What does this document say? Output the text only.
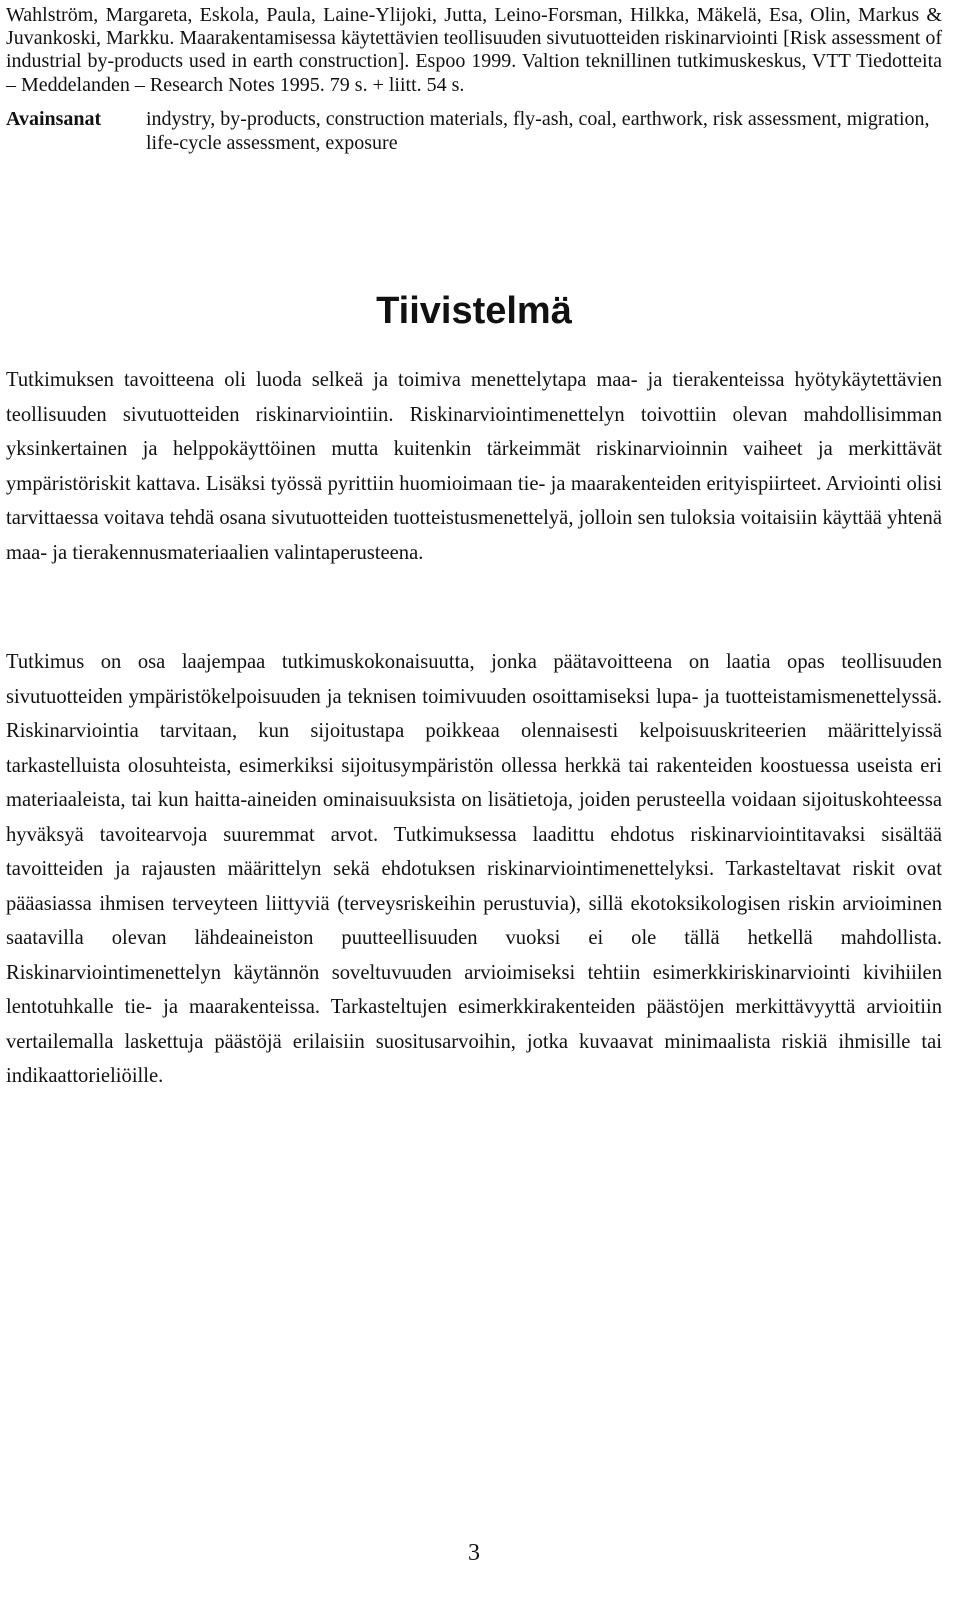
Wahlström, Margareta, Eskola, Paula, Laine-Ylijoki, Jutta, Leino-Forsman, Hilkka, Mäkelä, Esa, Olin, Markus & Juvankoski, Markku. Maarakentamisessa käytettävien teollisuuden sivutuotteiden riskinarviointi [Risk assessment of industrial by-products used in earth construction]. Espoo 1999. Valtion teknillinen tutkimuskeskus, VTT Tiedotteita – Meddelanden – Research Notes 1995. 79 s. + liitt. 54 s.
Avainsanat	indystry, by-products, construction materials, fly-ash, coal, earthwork, risk assessment, migration, life-cycle assessment, exposure
Tiivistelmä

Tutkimuksen tavoitteena oli luoda selkeä ja toimiva menettelytapa maa- ja tierakenteissa hyötykäytettävien teollisuuden sivutuotteiden riskinarviointiin. Riskinarviointimenettelyn toivottiin olevan mahdollisimman yksinkertainen ja helppokäyttöinen mutta kuitenkin tärkeimmät riskinarvioinnin vaiheet ja merkittävät ympäristöriskit kattava. Lisäksi työssä pyrittiin huomioimaan tie- ja maarakenteiden erityispiirteet. Arviointi olisi tarvittaessa voitava tehdä osana sivutuotteiden tuotteistusmenettelyä, jolloin sen tuloksia voitaisiin käyttää yhtenä maa- ja tierakennusmateriaalien valintaperusteena.

Tutkimus on osa laajempaa tutkimuskokonaisuutta, jonka päätavoitteena on laatia opas teollisuuden sivutuotteiden ympäristökelpoisuuden ja teknisen toimivuuden osoittamiseksi lupa- ja tuotteistamismenettelyssä. Riskinarviointia tarvitaan, kun sijoitustapa poikkeaa olennaisesti kelpoisuuskriteerien määrittelyissä tarkastelluista olosuhteista, esimerkiksi sijoitusympäristön ollessa herkkä tai rakenteiden koostuessa useista eri materiaaleista, tai kun haitta-aineiden ominaisuuksista on lisätietoja, joiden perusteella voidaan sijoituskohteessa hyväksyä tavoitearvoja suuremmat arvot. Tutkimuksessa laadittu ehdotus riskinarviointitavaksi sisältää tavoitteiden ja rajausten määrittelyn sekä ehdotuksen riskinarviointimenettelyksi. Tarkasteltavat riskit ovat pääasiassa ihmisen terveyteen liittyviä (terveysriskeihin perustuvia), sillä ekotoksikologisen riskin arvioiminen saatavilla olevan lähdeaineiston puutteellisuuden vuoksi ei ole tällä hetkellä mahdollista. Riskinarviointimenettelyn käytännön soveltuvuuden arvioimiseksi tehtiin esimerkkiriskinarviointi kivihiilen lentotuhkalle tie- ja maarakenteissa. Tarkasteltujen esimerkkirakenteiden päästöjen merkittävyyttä arvioitiin vertailemalla laskettuja päästöjä erilaisiin suositusarvoihin, jotka kuvaavat minimaalista riskiä ihmisille tai indikaattorieliöille.

3
